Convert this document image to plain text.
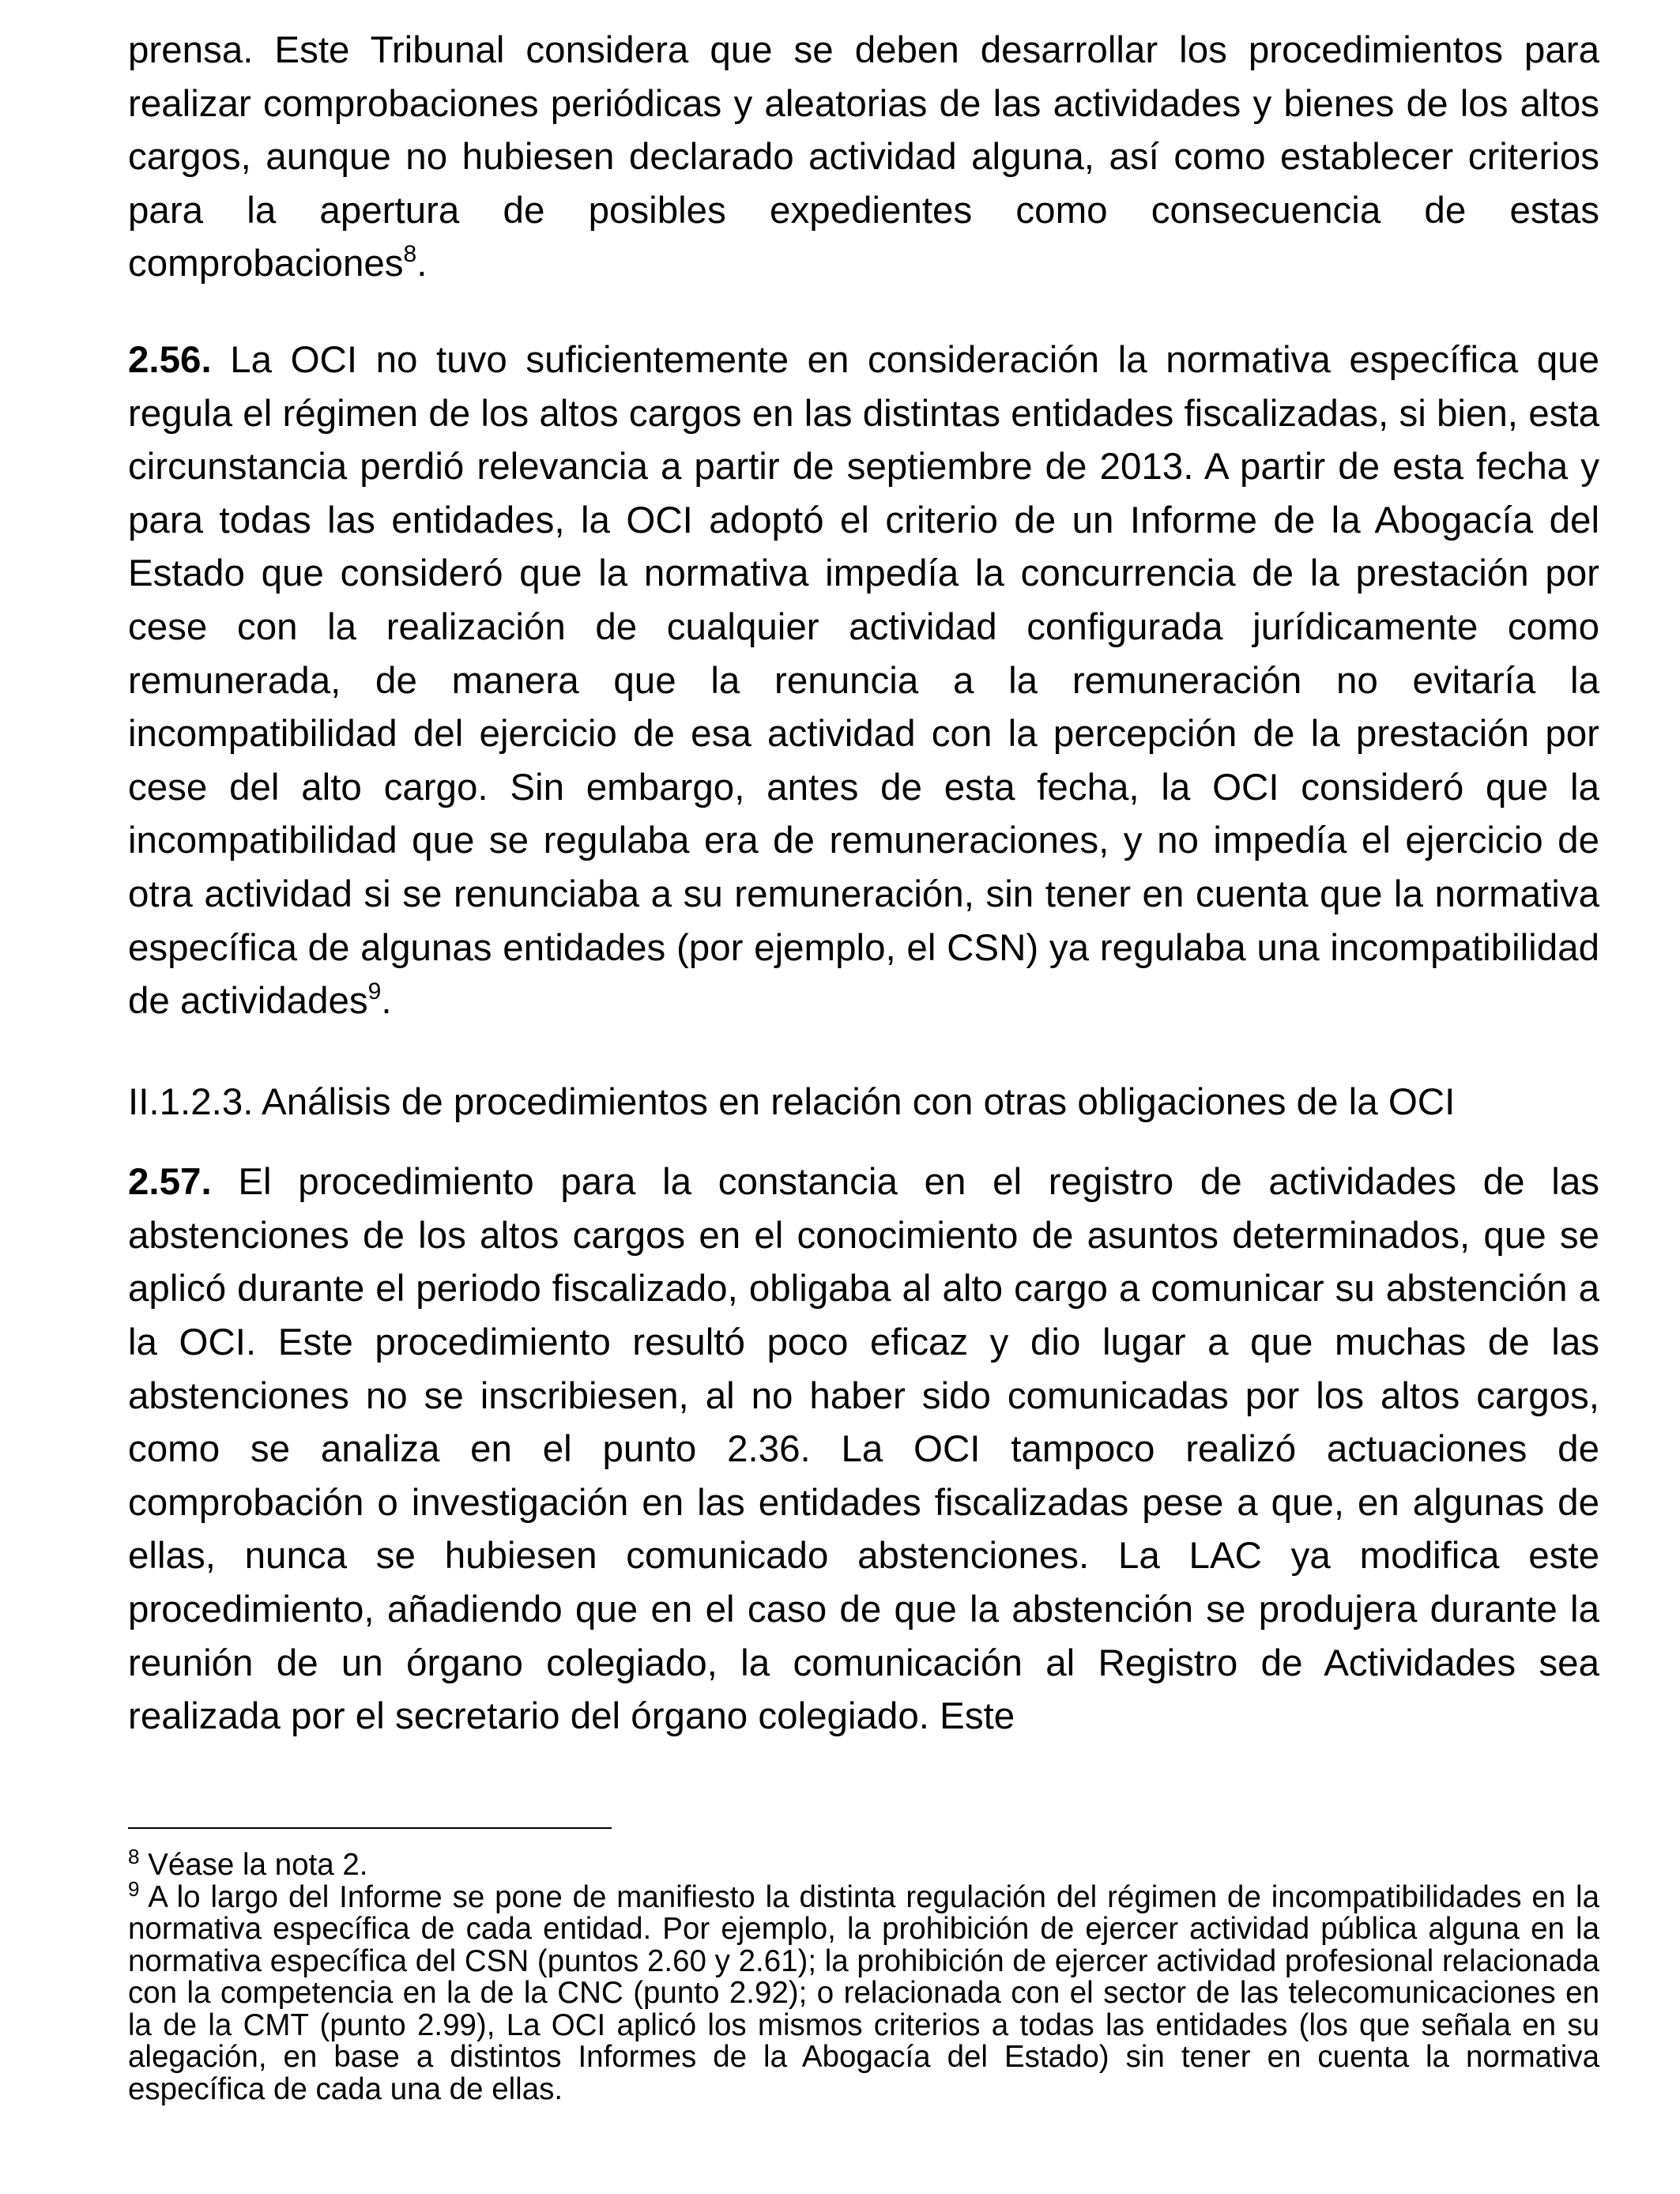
prensa. Este Tribunal considera que se deben desarrollar los procedimientos para realizar comprobaciones periódicas y aleatorias de las actividades y bienes de los altos cargos, aunque no hubiesen declarado actividad alguna, así como establecer criterios para la apertura de posibles expedientes como consecuencia de estas comprobaciones$^8$.

2.56. La OCI no tuvo suficientemente en consideración la normativa específica que regula el régimen de los altos cargos en las distintas entidades fiscalizadas, si bien, esta circunstancia perdió relevancia a partir de septiembre de 2013. A partir de esta fecha y para todas las entidades, la OCI adoptó el criterio de un Informe de la Abogacía del Estado que consideró que la normativa impedía la concurrencia de la prestación por cese con la realización de cualquier actividad configurada jurídicamente como remunerada, de manera que la renuncia a la remuneración no evitaría la incompatibilidad del ejercicio de esa actividad con la percepción de la prestación por cese del alto cargo. Sin embargo, antes de esta fecha, la OCI consideró que la incompatibilidad que se regulaba era de remuneraciones, y no impedía el ejercicio de otra actividad si se renunciaba a su remuneración, sin tener en cuenta que la normativa específica de algunas entidades (por ejemplo, el CSN) ya regulaba una incompatibilidad de actividades$^9$.

II.1.2.3. Análisis de procedimientos en relación con otras obligaciones de la OCI

2.57. El procedimiento para la constancia en el registro de actividades de las abstenciones de los altos cargos en el conocimiento de asuntos determinados, que se aplicó durante el periodo fiscalizado, obligaba al alto cargo a comunicar su abstención a la OCI. Este procedimiento resultó poco eficaz y dio lugar a que muchas de las abstenciones no se inscribiesen, al no haber sido comunicadas por los altos cargos, como se analiza en el punto 2.36. La OCI tampoco realizó actuaciones de comprobación o investigación en las entidades fiscalizadas pese a que, en algunas de ellas, nunca se hubiesen comunicado abstenciones. La LAC ya modifica este procedimiento, añadiendo que en el caso de que la abstención se produjera durante la reunión de un órgano colegiado, la comunicación al Registro de Actividades sea realizada por el secretario del órgano colegiado. Este

$^8$ Véase la nota 2.

$^9$ A lo largo del Informe se pone de manifiesto la distinta regulación del régimen de incompatibilidades en la normativa específica de cada entidad. Por ejemplo, la prohibición de ejercer actividad pública alguna en la normativa específica del CSN (puntos 2.60 y 2.61); la prohibición de ejercer actividad profesional relacionada con la competencia en la de la CNC (punto 2.92); o relacionada con el sector de las telecomunicaciones en la de la CMT (punto 2.99), La OCI aplicó los mismos criterios a todas las entidades (los que señala en su alegación, en base a distintos Informes de la Abogacía del Estado) sin tener en cuenta la normativa específica de cada una de ellas.
